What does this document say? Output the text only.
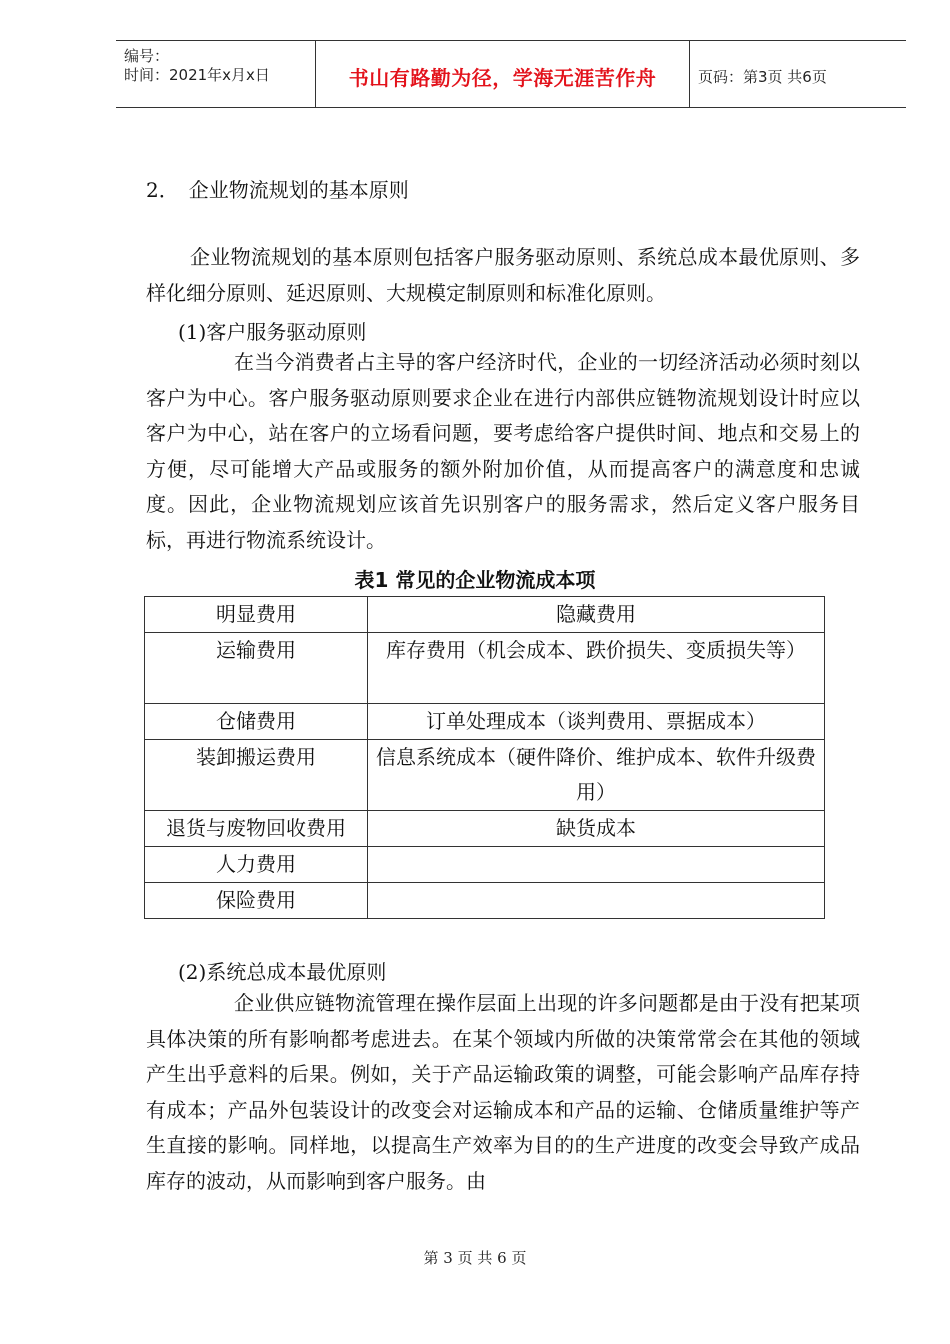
编号：
时间：2021年x月x日	书山有路勤为径，学海无涯苦作舟	页码：第3页 共6页
2．　企业物流规划的基本原则
企业物流规划的基本原则包括客户服务驱动原则、系统总成本最优原则、多样化细分原则、延迟原则、大规模定制原则和标准化原则。
(1)客户服务驱动原则
在当今消费者占主导的客户经济时代，企业的一切经济活动必须时刻以客户为中心。客户服务驱动原则要求企业在进行内部供应链物流规划设计时应以客户为中心，站在客户的立场看问题，要考虑给客户提供时间、地点和交易上的方便，尽可能增大产品或服务的额外附加价值，从而提高客户的满意度和忠诚度。因此，企业物流规划应该首先识别客户的服务需求，然后定义客户服务目标，再进行物流系统设计。
表1 常见的企业物流成本项
明显费用	隐藏费用
运输费用	库存费用（机会成本、跌价损失、变质损失等）
仓储费用	订单处理成本（谈判费用、票据成本）
装卸搬运费用	信息系统成本（硬件降价、维护成本、软件升级费用）
退货与废物回收费用	缺货成本
人力费用	
保险费用	
(2)系统总成本最优原则
企业供应链物流管理在操作层面上出现的许多问题都是由于没有把某项具体决策的所有影响都考虑进去。在某个领域内所做的决策常常会在其他的领域产生出乎意料的后果。例如，关于产品运输政策的调整，可能会影响产品库存持有成本；产品外包装设计的改变会对运输成本和产品的运输、仓储质量维护等产生直接的影响。同样地，以提高生产效率为目的的生产进度的改变会导致产成品库存的波动，从而影响到客户服务。由
第 3 页 共 6 页
